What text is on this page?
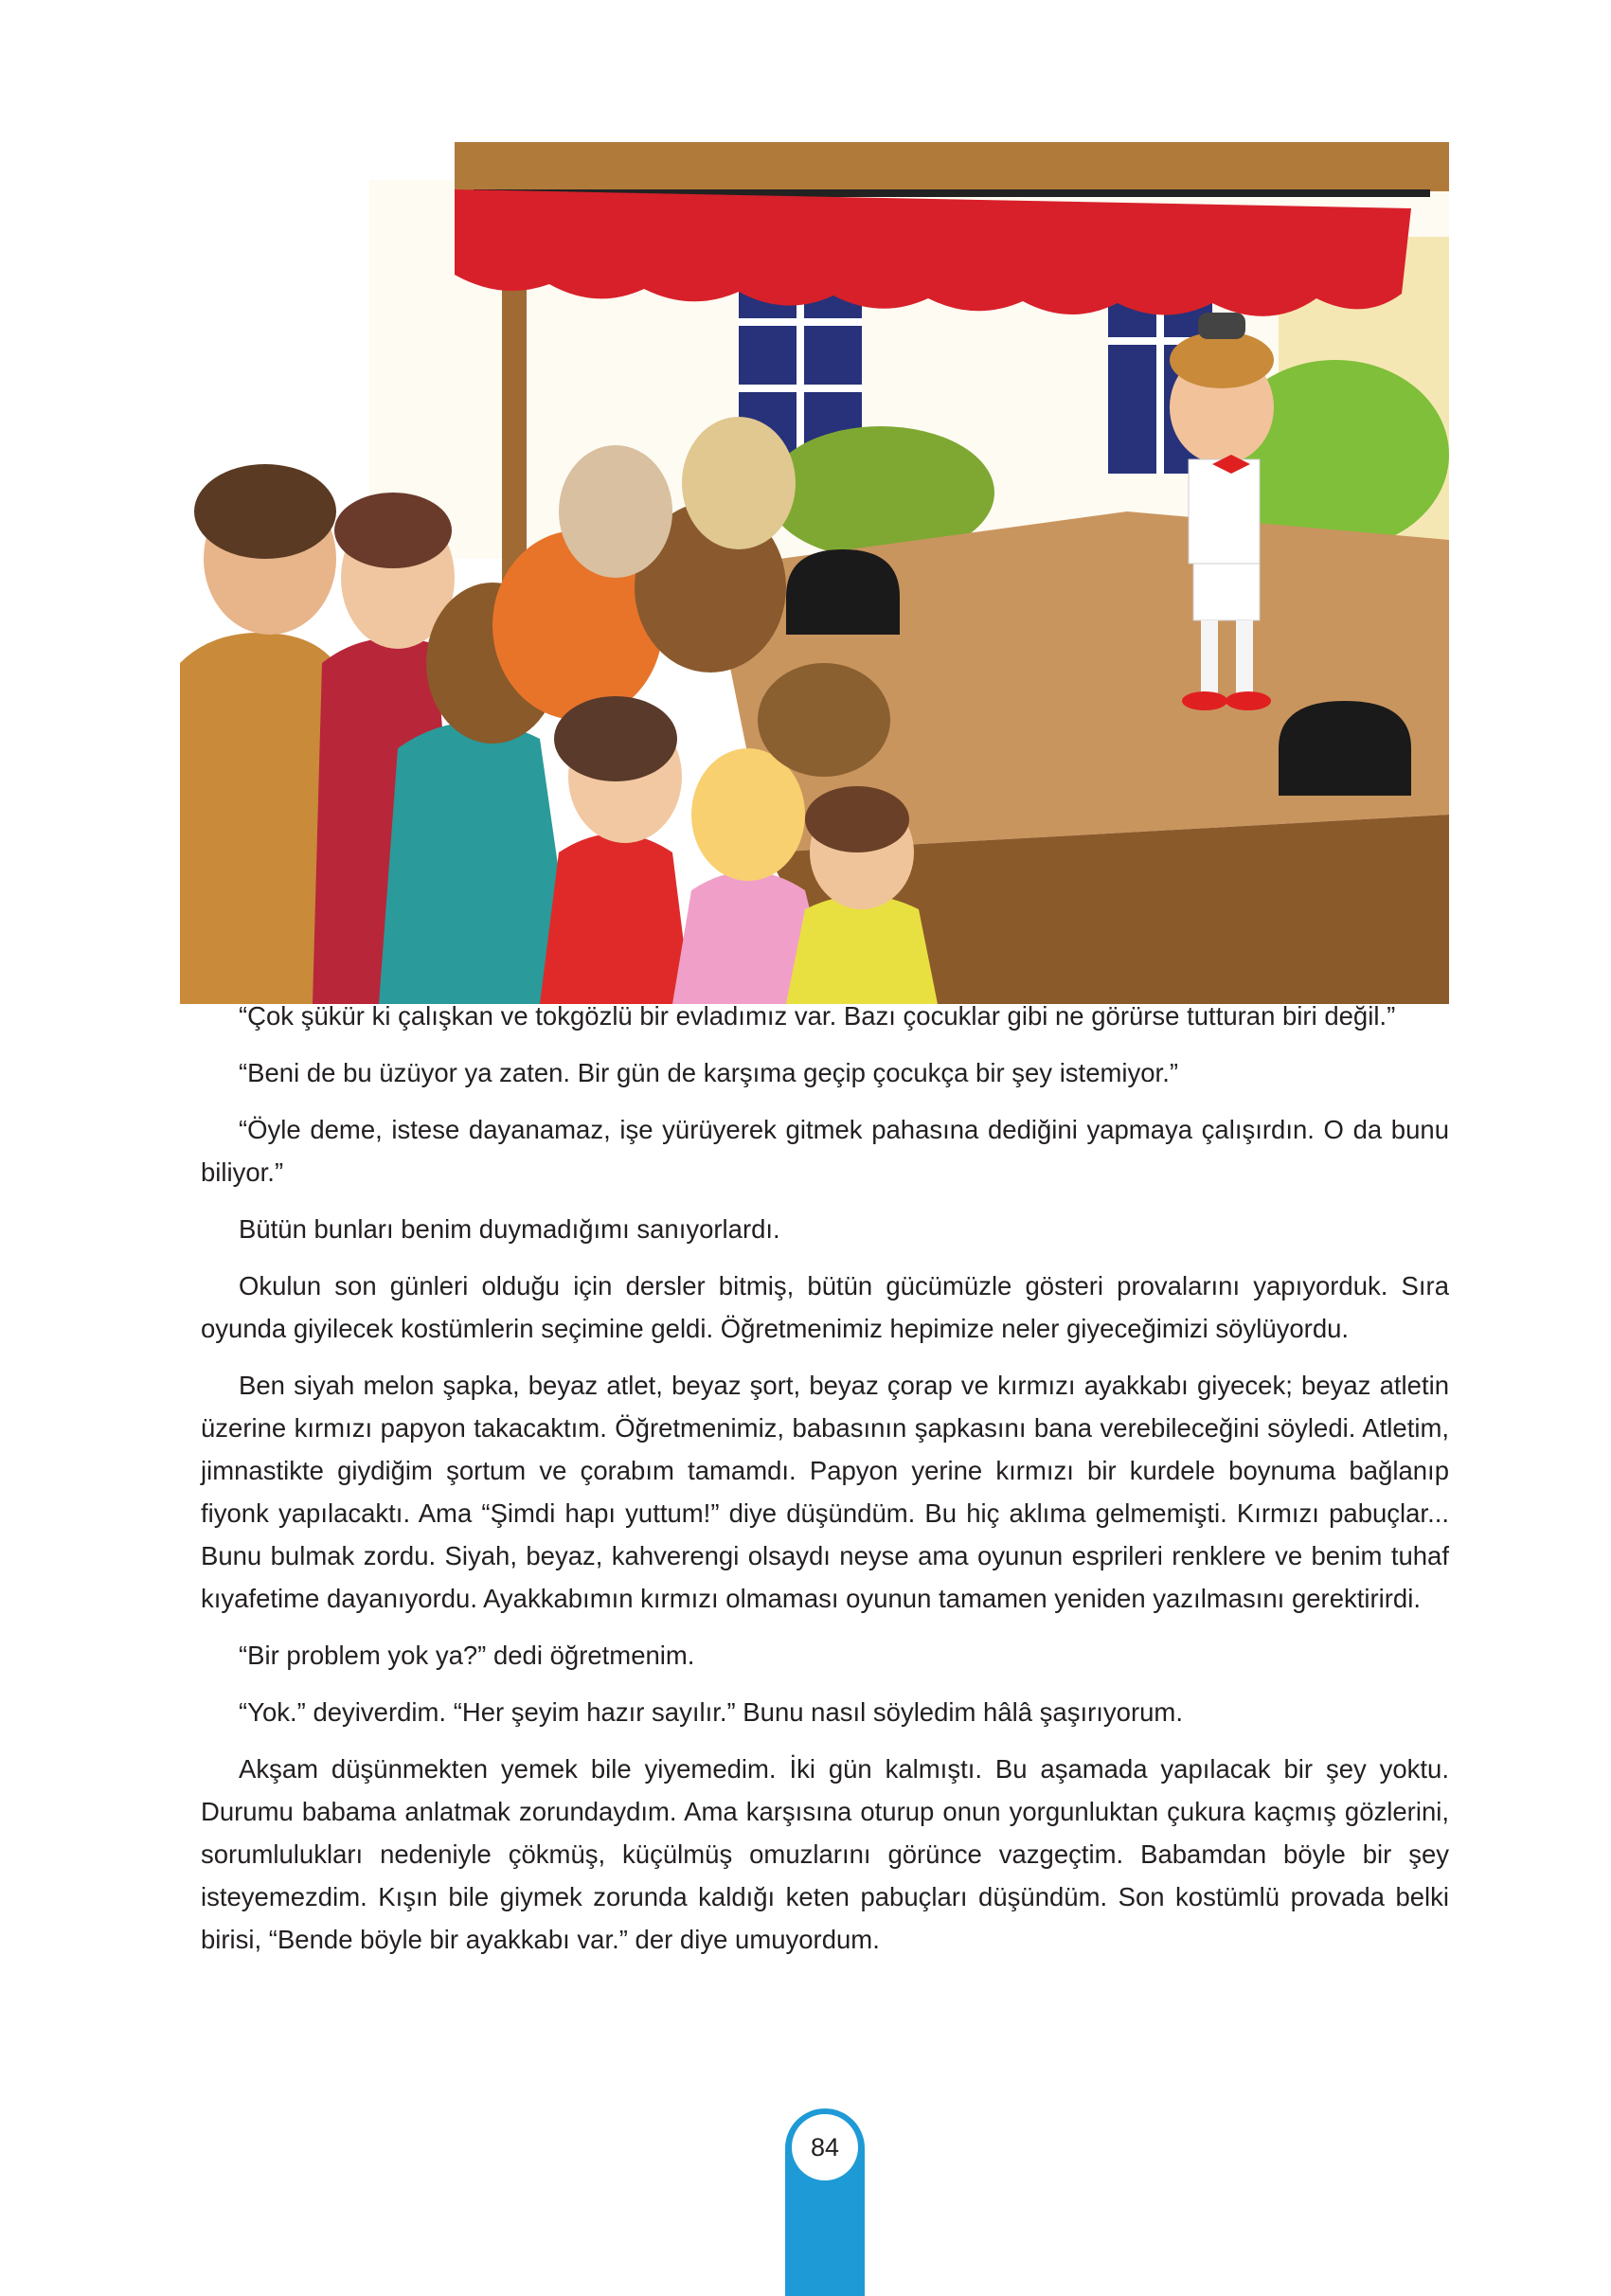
“Çok şükür ki çalışkan ve tokgözlü bir evladımız var. Bazı çocuklar gibi ne görürse tutturan biri değil.”

“Beni de bu üzüyor ya zaten. Bir gün de karşıma geçip çocukça bir şey istemiyor.”

“Öyle deme, istese dayanamaz, işe yürüyerek gitmek pahasına dediğini yapmaya çalışırdın. O da bunu biliyor.”

Bütün bunları benim duymadığımı sanıyorlardı.

Okulun son günleri olduğu için dersler bitmiş, bütün gücümüzle gösteri provalarını yapıyorduk. Sıra oyunda giyilecek kostümlerin seçimine geldi. Öğretmenimiz hepimize neler giyeceğimizi söylüyordu.

Ben siyah melon şapka, beyaz atlet, beyaz şort, beyaz çorap ve kırmızı ayakkabı giyecek; beyaz atletin üzerine kırmızı papyon takacaktım. Öğretmenimiz, babasının şapkasını bana verebileceğini söyledi. Atletim, jimnastikte giydiğim şortum ve çorabım tamamdı. Papyon yerine kırmızı bir kurdele boynuma bağlanıp fiyonk yapılacaktı. Ama “Şimdi hapı yuttum!” diye düşündüm. Bu hiç aklıma gelmemişti. Kırmızı pabuçlar... Bunu bulmak zordu. Siyah, beyaz, kahverengi olsaydı neyse ama oyunun esprileri renklere ve benim tuhaf kıyafetime dayanıyordu. Ayakkabımın kırmızı olmaması oyunun tamamen yeniden yazılmasını gerektirirdi.

“Bir problem yok ya?” dedi öğretmenim.

“Yok.” deyiverdim. “Her şeyim hazır sayılır.” Bunu nasıl söyledim hâlâ şaşırıyorum.

Akşam düşünmekten yemek bile yiyemedim. İki gün kalmıştı. Bu aşamada yapılacak bir şey yoktu. Durumu babama anlatmak zorundaydım. Ama karşısına oturup onun yorgunluktan çukura kaçmış gözlerini, sorumlulukları nedeniyle çökmüş, küçülmüş omuzlarını görünce vazgeçtim. Babamdan böyle bir şey isteyemezdim. Kışın bile giymek zorunda kaldığı keten pabuçları düşündüm. Son kostümlü provada belki birisi, “Bende böyle bir ayakkabı var.” der diye umuyordum.

84
